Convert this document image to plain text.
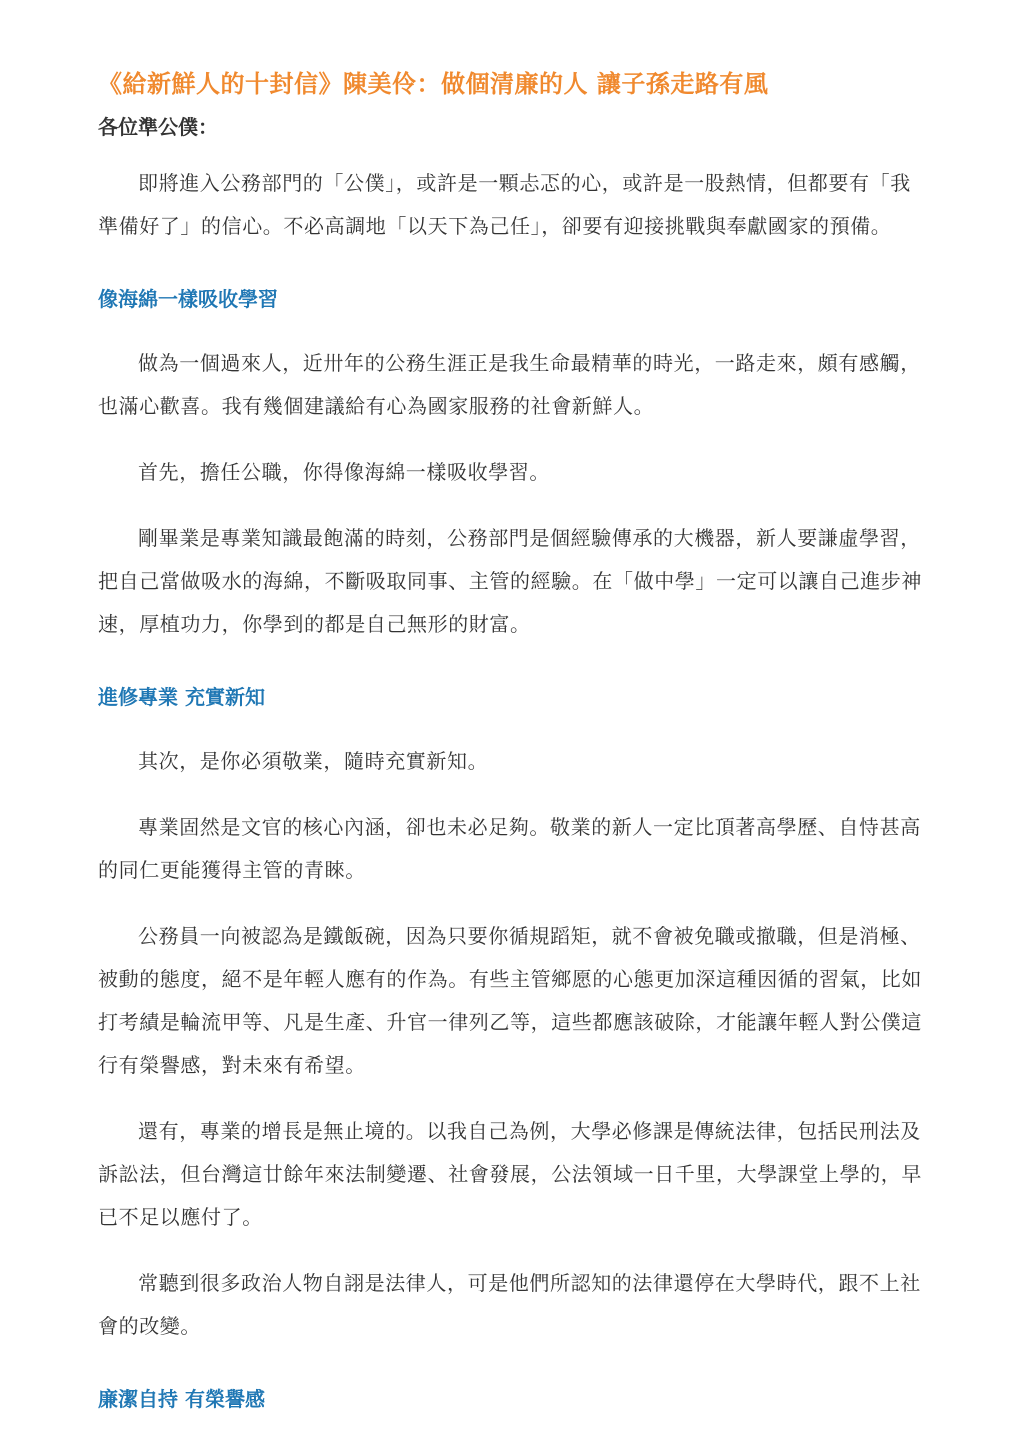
《給新鮮人的十封信》陳美伶：做個清廉的人 讓子孫走路有風

各位準公僕：

即將進入公務部門的「公僕」，或許是一顆忐忑的心，或許是一股熱情，但都要有「我準備好了」的信心。不必高調地「以天下為己任」，卻要有迎接挑戰與奉獻國家的預備。

像海綿一樣吸收學習

做為一個過來人，近卅年的公務生涯正是我生命最精華的時光，一路走來，頗有感觸，也滿心歡喜。我有幾個建議給有心為國家服務的社會新鮮人。

首先，擔任公職，你得像海綿一樣吸收學習。

剛畢業是專業知識最飽滿的時刻，公務部門是個經驗傳承的大機器，新人要謙虛學習，把自己當做吸水的海綿，不斷吸取同事、主管的經驗。在「做中學」一定可以讓自己進步神速，厚植功力，你學到的都是自己無形的財富。

進修專業 充實新知

其次，是你必須敬業，隨時充實新知。

專業固然是文官的核心內涵，卻也未必足夠。敬業的新人一定比頂著高學歷、自恃甚高的同仁更能獲得主管的青睞。

公務員一向被認為是鐵飯碗，因為只要你循規蹈矩，就不會被免職或撤職，但是消極、被動的態度，絕不是年輕人應有的作為。有些主管鄉愿的心態更加深這種因循的習氣，比如打考績是輪流甲等、凡是生產、升官一律列乙等，這些都應該破除，才能讓年輕人對公僕這行有榮譽感，對未來有希望。

還有，專業的增長是無止境的。以我自己為例，大學必修課是傳統法律，包括民刑法及訴訟法，但台灣這廿餘年來法制變遷、社會發展，公法領域一日千里，大學課堂上學的，早已不足以應付了。

常聽到很多政治人物自詡是法律人，可是他們所認知的法律還停在大學時代，跟不上社會的改變。

廉潔自持 有榮譽感
